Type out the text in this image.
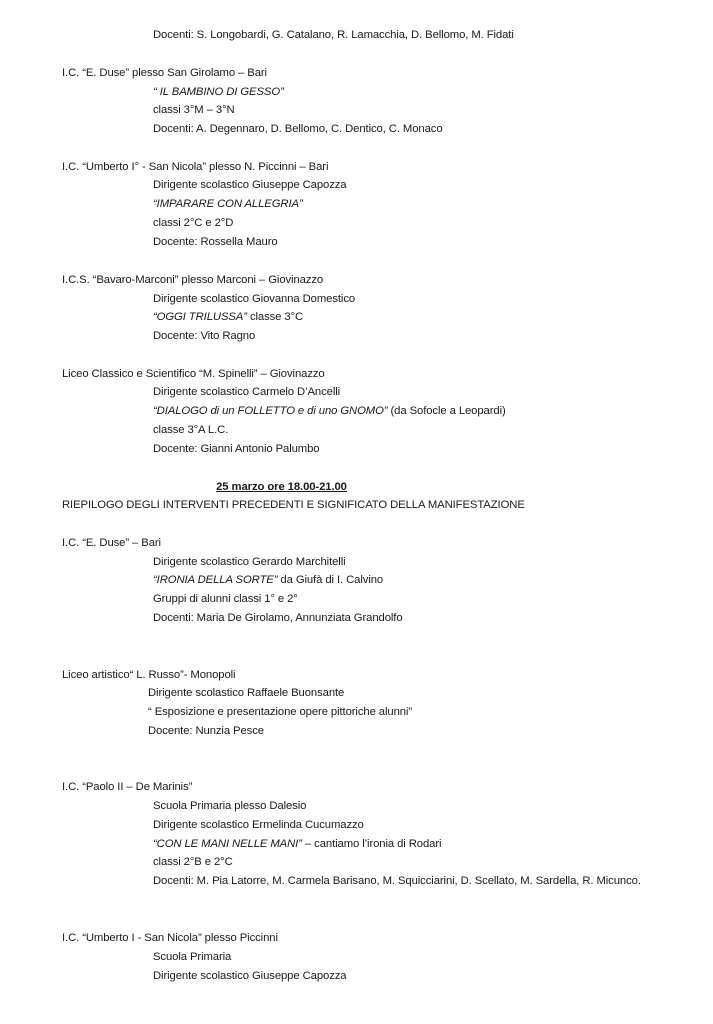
Docenti: S. Longobardi, G. Catalano, R. Lamacchia, D. Bellomo, M. Fidati
I.C. “E. Duse” plesso San Girolamo – Bari
“ IL BAMBINO DI GESSO”
classi 3°M – 3°N
Docenti: A. Degennaro, D. Bellomo, C. Dentico, C. Monaco
I.C. “Umberto I° - San Nicola” plesso N. Piccinni – Bari
Dirigente scolastico Giuseppe Capozza
“IMPARARE CON ALLEGRIA”
classi 2°C e 2°D
Docente: Rossella Mauro
I.C.S. “Bavaro-Marconi” plesso Marconi – Giovinazzo
Dirigente scolastico Giovanna Domestico
“OGGI TRILUSSA” classe 3°C
Docente: Vito Ragno
Liceo Classico e Scientifico “M. Spinelli” – Giovinazzo
Dirigente scolastico Carmelo D’Ancelli
“DIALOGO di un FOLLETTO e di uno GNOMO” (da Sofocle a Leopardi)
classe 3°A L.C.
Docente: Gianni Antonio Palumbo
25 marzo ore 18.00-21.00
RIEPILOGO DEGLI INTERVENTI PRECEDENTI E SIGNIFICATO DELLA MANIFESTAZIONE
I.C. “E. Duse” – Bari
Dirigente scolastico Gerardo Marchitelli
“IRONIA DELLA SORTE” da Giufà di I. Calvino
Gruppi di alunni classi 1° e 2°
Docenti: Maria De Girolamo, Annunziata Grandolfo
Liceo artistico“ L. Russo”- Monopoli
Dirigente scolastico Raffaele Buonsante
“ Esposizione e presentazione opere pittoriche alunni”
Docente: Nunzia Pesce
I.C. “Paolo II – De Marinis”
Scuola Primaria plesso Dalesio
Dirigente scolastico Ermelinda Cucumazzo
“CON LE MANI NELLE MANI” – cantiamo l’ironia di Rodari
classi 2°B e 2°C
Docenti: M. Pia Latorre, M. Carmela Barisano, M. Squicciarini, D. Scellato, M. Sardella, R. Micunco.
I.C. “Umberto I - San Nicola” plesso Piccinni
Scuola Primaria
Dirigente scolastico Giuseppe Capozza
